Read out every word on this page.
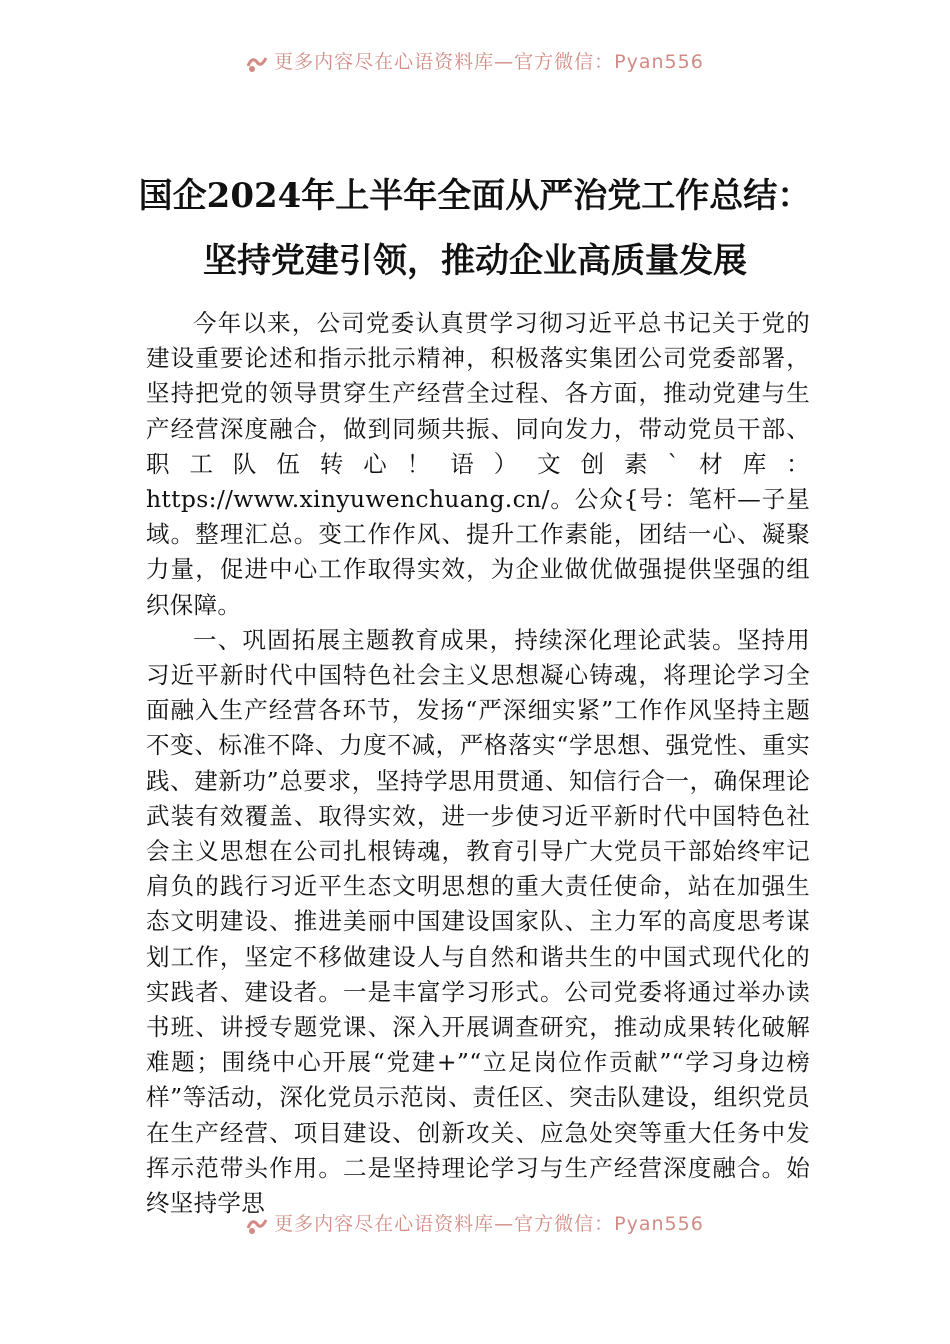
更多内容尽在心语资料库—官方微信：Pyan556
国企2024年上半年全面从严治党工作总结：
坚持党建引领，推动企业高质量发展

今年以来，公司党委认真贯学习彻习近平总书记关于党的建设重要论述和指示批示精神，积极落实集团公司党委部署，坚持把党的领导贯穿生产经营全过程、各方面，推动党建与生产经营深度融合，做到同频共振、同向发力，带动党员干部、职工队伍转心！语）文创素`材库：https://www.xinyuwenchuang.cn/。公众{号：笔杆—子星域。整理汇总。变工作作风、提升工作素能，团结一心、凝聚力量，促进中心工作取得实效，为企业做优做强提供坚强的组织保障。

一、巩固拓展主题教育成果，持续深化理论武装。坚持用习近平新时代中国特色社会主义思想凝心铸魂，将理论学习全面融入生产经营各环节，发扬“严深细实紧”工作作风坚持主题不变、标准不降、力度不减，严格落实“学思想、强党性、重实践、建新功”总要求，坚持学思用贯通、知信行合一，确保理论武装有效覆盖、取得实效，进一步使习近平新时代中国特色社会主义思想在公司扎根铸魂，教育引导广大党员干部始终牢记肩负的践行习近平生态文明思想的重大责任使命，站在加强生态文明建设、推进美丽中国建设国家队、主力军的高度思考谋划工作，坚定不移做建设人与自然和谐共生的中国式现代化的实践者、建设者。一是丰富学习形式。公司党委将通过举办读书班、讲授专题党课、深入开展调查研究，推动成果转化破解难题；围绕中心开展“党建+”“立足岗位作贡献”“学习身边榜样”等活动，深化党员示范岗、责任区、突击队建设，组织党员在生产经营、项目建设、创新攻关、应急处突等重大任务中发挥示范带头作用。二是坚持理论学习与生产经营深度融合。始终坚持学思

更多内容尽在心语资料库—官方微信：Pyan556
